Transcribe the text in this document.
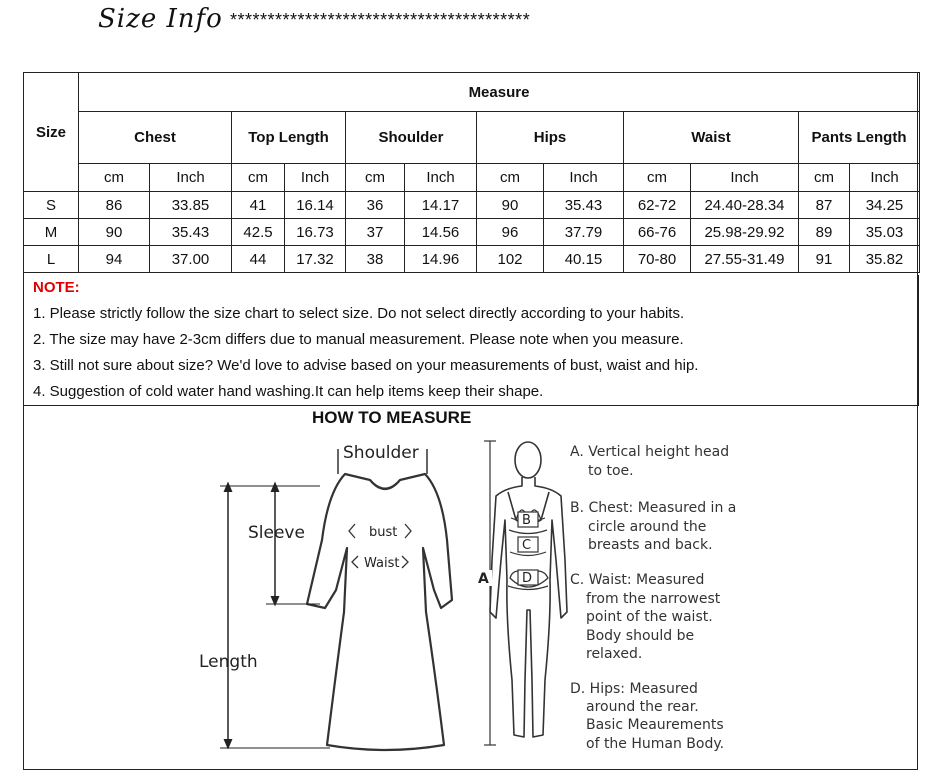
Size Info ****************************************
Size	Measure											
	Chest		Top Length		Shoulder		Hips		Waist		Pants Length	
	cm	Inch	cm	Inch	cm	Inch	cm	Inch	cm	Inch	cm	Inch
S	86	33.85	41	16.14	36	14.17	90	35.43	62-72	24.40-28.34	87	34.25
M	90	35.43	42.5	16.73	37	14.56	96	37.79	66-76	25.98-29.92	89	35.03
L	94	37.00	44	17.32	38	14.96	102	40.15	70-80	27.55-31.49	91	35.82
NOTE:
1. Please strictly follow the size chart to select size. Do not select directly according to your habits.
2. The size may have 2-3cm differs due to manual measurement. Please note when you measure.
3. Still not sure about size? We'd love to advise based on your measurements of bust, waist and hip.
4. Suggestion of cold water hand washing.It can help items keep their shape.
HOW TO MEASURE
Shoulder
Sleeve
Length
bust
Waist
B
C
D
A
A. Vertical height head
to toe.
B. Chest: Measured in a
circle around the
breasts and back.
C. Waist: Measured
from the narrowest
point of the waist.
Body should be
relaxed.
D. Hips: Measured
around the rear.
Basic Meaurements
of the Human Body.
